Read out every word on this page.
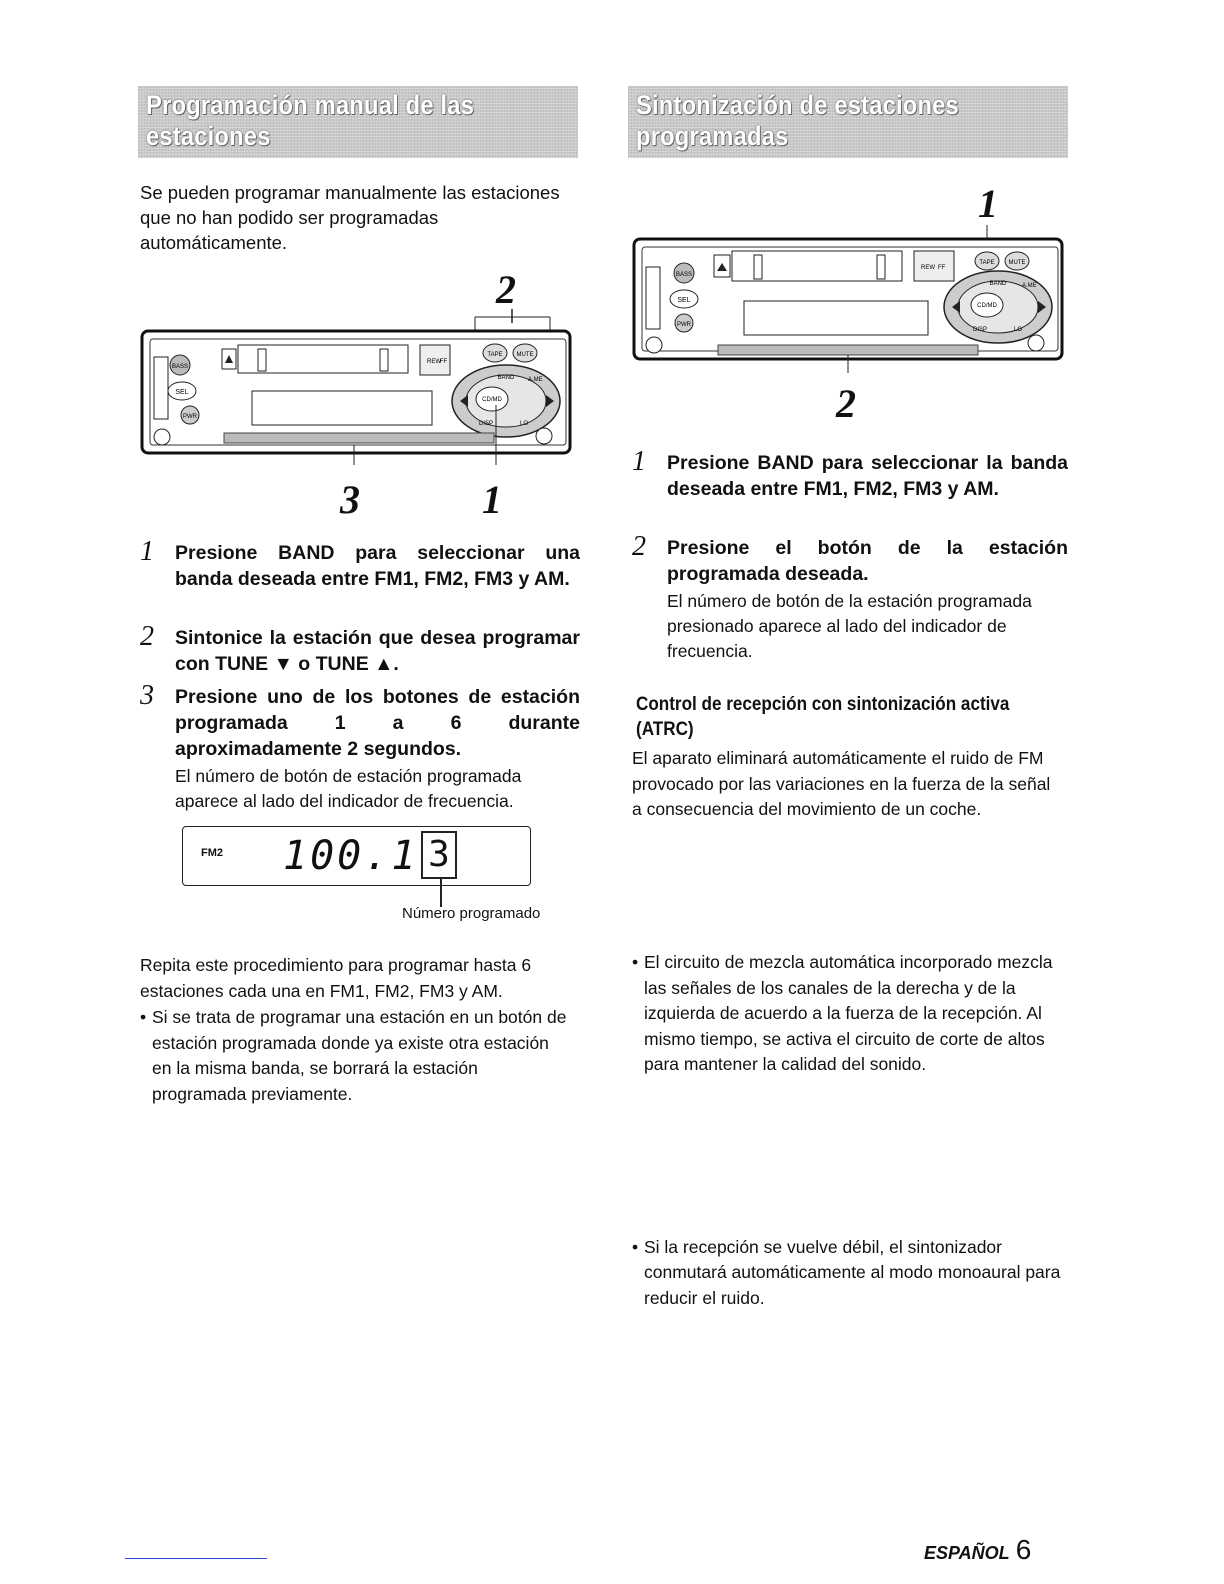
Programación manual de las estaciones
Se pueden programar manualmente las estaciones que no han podido ser programadas automáticamente.
2
BASS
SEL
PWR
REW FF
TAPE MUTE
A.ME
BAND
CD/MD
DISP	LO
3	1
1 Presione BAND para seleccionar una banda deseada entre FM1, FM2, FM3 y AM.
2 Sintonice la estación que desea programar con TUNE ▼ o TUNE ▲.
3 Presione uno de los botones de estación programada 1 a 6 durante aproximadamente 2 segundos.
El número de botón de estación programada aparece al lado del indicador de frecuencia.
FM2 100.1 3
Número programado
Repita este procedimiento para programar hasta 6 estaciones cada una en FM1, FM2, FM3 y AM.
• Si se trata de programar una estación en un botón de estación programada donde ya existe otra estación en la misma banda, se borrará la estación programada previamente.
Sintonización de estaciones programadas
1
BASS
SEL
PWR
REW FF
TAPE MUTE
BAND	A.ME
CD/MD
DISP	LO
2
1 Presione BAND para seleccionar la banda deseada entre FM1, FM2, FM3 y AM.
2 Presione el botón de la estación programada deseada.
El número de botón de la estación programada presionado aparece al lado del indicador de frecuencia.
Control de recepción con sintonización activa (ATRC)
El aparato eliminará automáticamente el ruido de FM provocado por las variaciones en la fuerza de la señal a consecuencia del movimiento de un coche.
• El circuito de mezcla automática incorporado mezcla las señales de los canales de la derecha y de la izquierda de acuerdo a la fuerza de la recepción. Al mismo tiempo, se activa el circuito de corte de altos para mantener la calidad del sonido.
• Si la recepción se vuelve débil, el sintonizador conmutará automáticamente al modo monoaural para reducir el ruido.
ESPAÑOL 6
